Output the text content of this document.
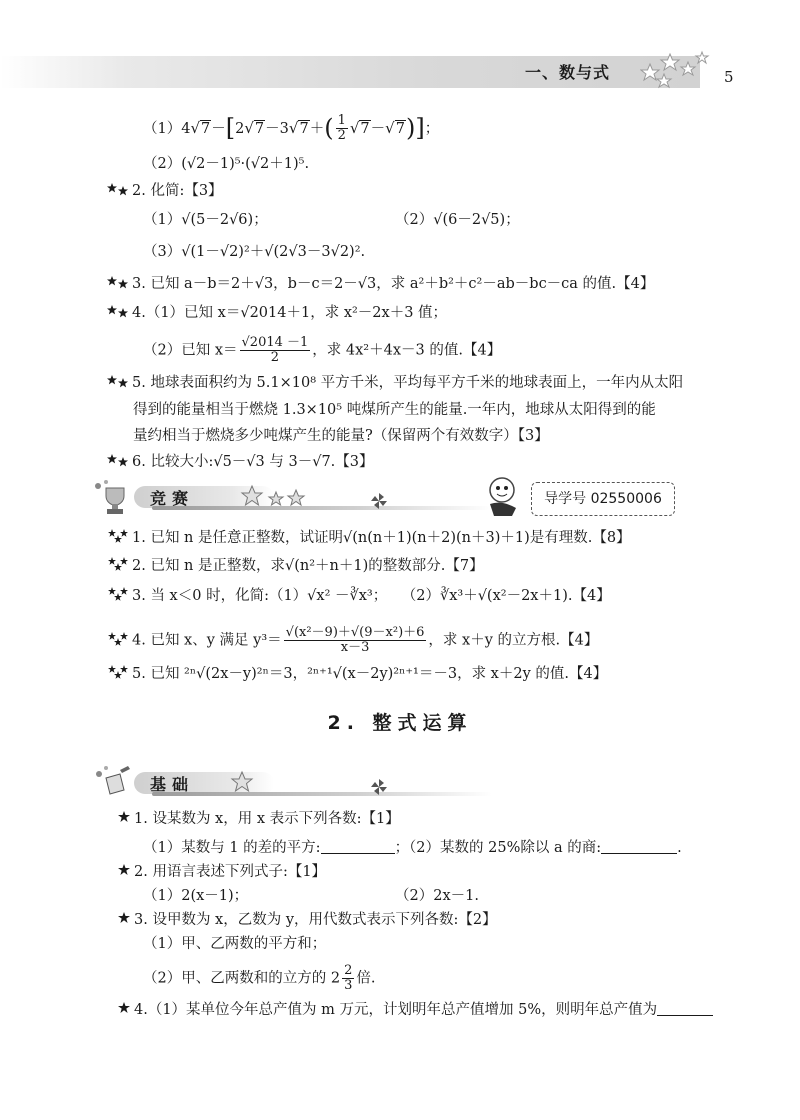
一、数与式	5
$(1)4√7-[2√7-3√7+( \frac{1}{2} √7-√7)]$；
（2）(√2－1)⁵·(√2＋1)⁵.
2. 化简:【3】
（1）√(5－2√6)；	（2）√(6－2√5)；
（3）√(1－√2)²＋√(2√3－3√2)².
3. 已知 a－b＝2＋√3，b－c＝2－√3，求 a²＋b²＋c²－ab－bc－ca 的值.【4】
4.（1）已知 x＝√2014＋1，求 x²－2x＋3 值；
（2）已知 $x= \frac{√2014 -1}{2}$ ，求 4x²＋4x－3 的值.【4】
5. 地球表面积约为 5.1×10⁸ 平方千米，平均每平方千米的地球表面上，一年内从太阳
得到的能量相当于燃烧 1.3×10⁵ 吨煤所产生的能量.一年内，地球从太阳得到的能
量约相当于燃烧多少吨煤产生的能量?（保留两个有效数字）【3】
6. 比较大小:√5－√3 与 3－√7.【3】
竞赛	导学号 02550006
1. 已知 n 是任意正整数，试证明√(n(n＋1)(n＋2)(n＋3)＋1)是有理数.【8】
2. 已知 n 是正整数，求√(n²＋n＋1)的整数部分.【7】
3. 当 x＜0 时，化简:（1）√x² －∛x³；　　（2）∛x³＋√(x²－2x＋1).【4】
4. 已知 x、y 满足 $y^3= \frac{\text{√(x²－9)＋√(9－x²)＋6}}{x-3}$ ，求 x＋y 的立方根.【4】
5. 已知 ²ⁿ√(2x－y)²ⁿ＝3，²ⁿ⁺¹√(x－2y)²ⁿ⁺¹＝－3，求 x＋2y 的值.【4】
2. 整式运算
基础
1. 设某数为 x，用 x 表示下列各数:【1】
（1）某数与 1 的差的平方:	；（2）某数的 25%除以 a 的商:	.
2. 用语言表述下列式子:【1】
（1）2(x－1)；	（2）2x－1.
3. 设甲数为 x，乙数为 y，用代数式表示下列各数:【2】
（1）甲、乙两数的平方和；
（2）甲、乙两数和的立方的 $2 \frac{2}{3}$ 倍.
4.（1）某单位今年总产值为 m 万元，计划明年总产值增加 5%，则明年总产值为
